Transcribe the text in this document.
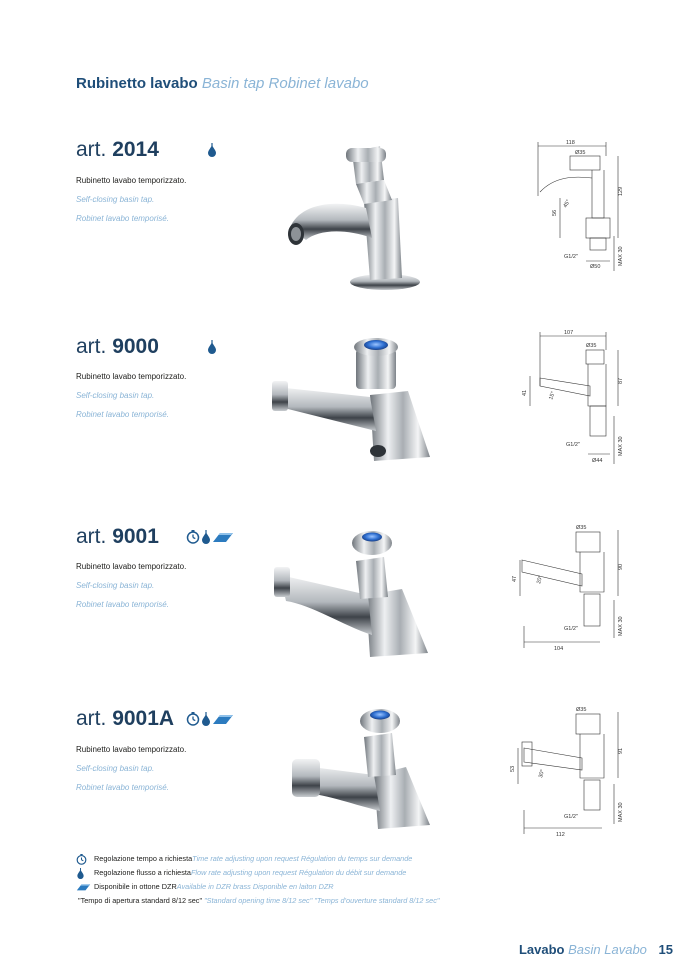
Rubinetto lavabo Basin tap Robinet lavabo
art. 2014
Rubinetto lavabo temporizzato.
Self-closing basin tap.
Robinet lavabo temporisé.
118
Ø35
129
56
45°
G1/2"	MAX 30
Ø50
art. 9000
Rubinetto lavabo temporizzato.
Self-closing basin tap.
Robinet lavabo temporisé.
107
Ø35
87
41	15°
G1/2"	MAX 30
Ø44
art. 9001
Rubinetto lavabo temporizzato.
Self-closing basin tap.
Robinet lavabo temporisé.
Ø35
90
47	20°
G1/2"	MAX 30
104
art. 9001A
Rubinetto lavabo temporizzato.
Self-closing basin tap.
Robinet lavabo temporisé.
Ø35
91
53	30°
G1/2"	MAX 30
112
Regolazione tempo a richiesta Time rate adjusting upon request Régulation du temps sur demande
Regolazione flusso a richiesta Flow rate adjusting upon request Régulation du débit sur demande
Disponibile in ottone DZR Available in DZR brass Disponible en laiton DZR
"Tempo di apertura standard 8/12 sec"
"Standard opening time 8/12 sec" "Temps d'ouverture standard 8/12 sec"
Lavabo Basin Lavabo 15
